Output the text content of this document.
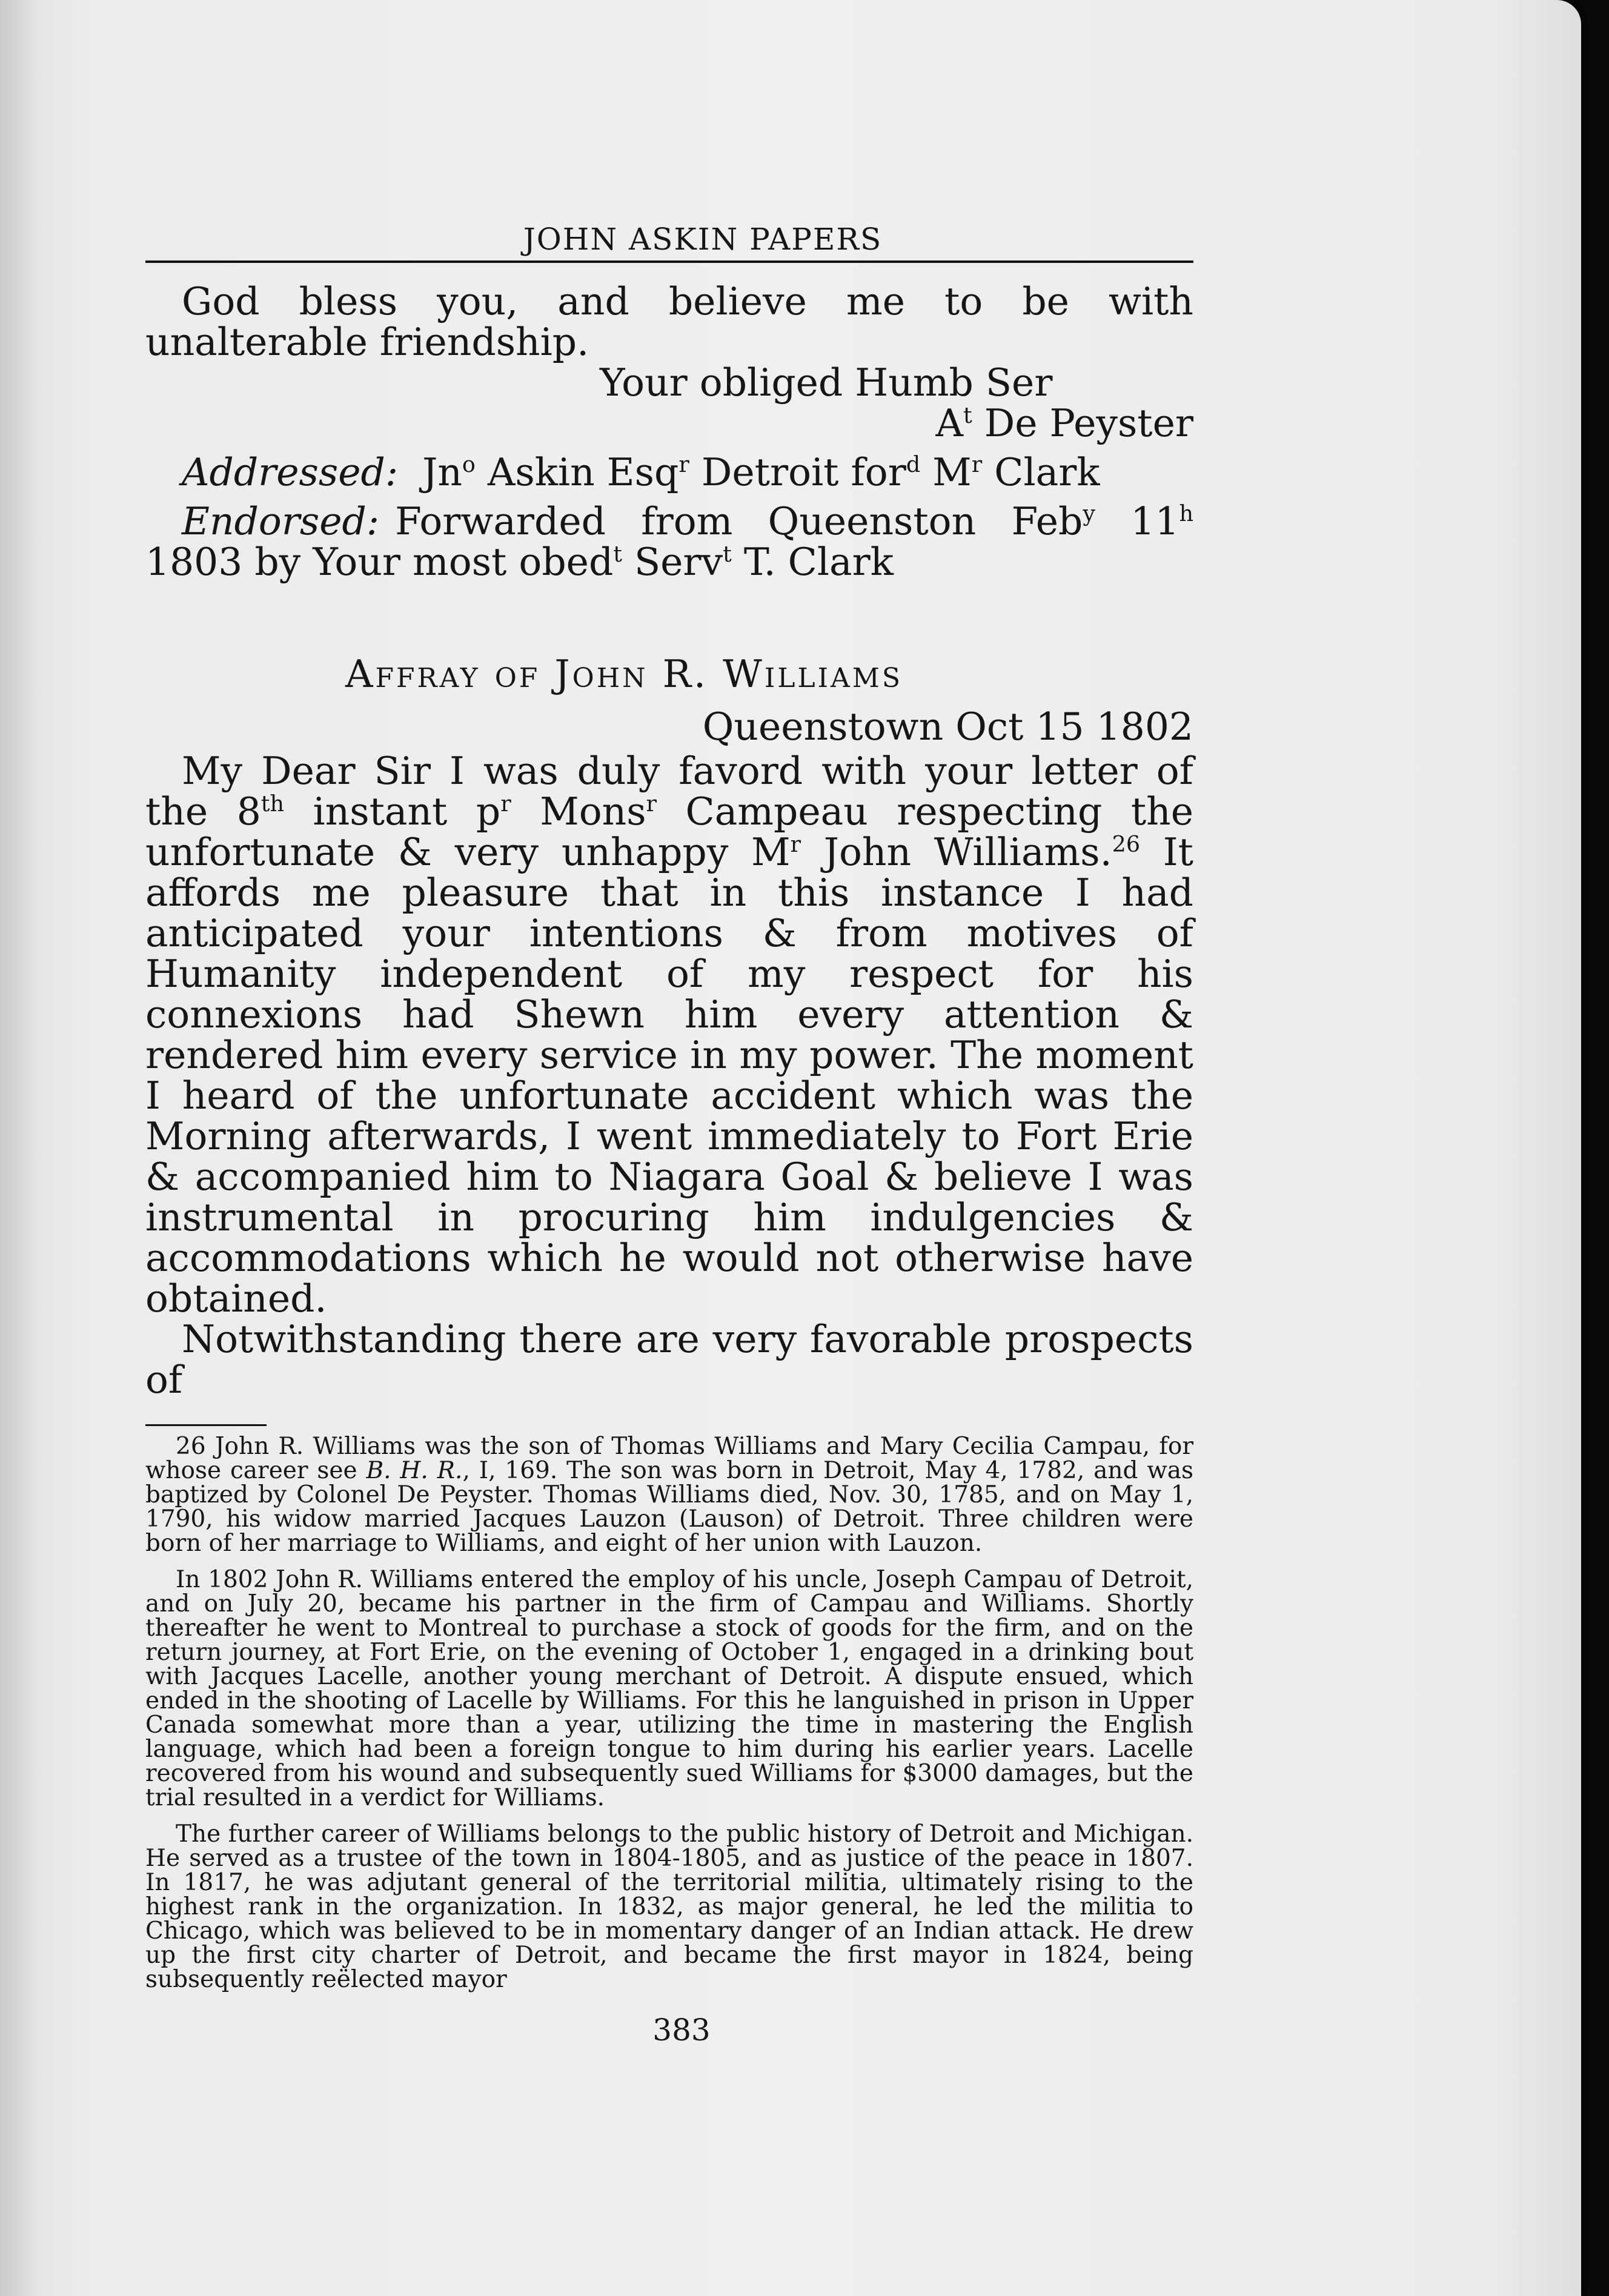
JOHN ASKIN PAPERS

God bless you, and believe me to be with unalterable friendship.

Your obliged Humb Ser

$A^t$ De Peyster

Addressed: Jn$^o$ Askin Esq$^r$ Detroit for$^d$ $M^r$ Clark

Endorsed: Forwarded from Queenston Feb$^y$ 11$^h$ 1803 by Your most obed$^t$ Serv$^t$ T. Clark

Affray of John R. Williams
Queenstown Oct 15 1802

My Dear Sir I was duly favord with your letter of the 8th instant $p^r$ Mons$^r$ Campeau respecting the unfortunate & very unhappy $M^r$ John Williams.$^{26}$ It affords me pleasure that in this instance I had anticipated your intentions & from motives of Humanity independent of my respect for his connexions had Shewn him every attention & rendered him every service in my power. The moment I heard of the unfortunate accident which was the Morning afterwards, I went immediately to Fort Erie & accompanied him to Niagara Goal & believe I was instrumental in procuring him indulgencies & accommodations which he would not otherwise have obtained.

Notwithstanding there are very favorable prospects of

26 John R. Williams was the son of Thomas Williams and Mary Cecilia Campau, for whose career see B. H. R., I, 169. The son was born in Detroit, May 4, 1782, and was baptized by Colonel De Peyster. Thomas Williams died, Nov. 30, 1785, and on May 1, 1790, his widow married Jacques Lauzon (Lauson) of Detroit. Three children were born of her marriage to Williams, and eight of her union with Lauzon.

In 1802 John R. Williams entered the employ of his uncle, Joseph Campau of Detroit, and on July 20, became his partner in the firm of Campau and Williams. Shortly thereafter he went to Montreal to purchase a stock of goods for the firm, and on the return journey, at Fort Erie, on the evening of October 1, engaged in a drinking bout with Jacques Lacelle, another young merchant of Detroit. A dispute ensued, which ended in the shooting of Lacelle by Williams. For this he languished in prison in Upper Canada somewhat more than a year, utilizing the time in mastering the English language, which had been a foreign tongue to him during his earlier years. Lacelle recovered from his wound and subsequently sued Williams for $3000 damages, but the trial resulted in a verdict for Williams.

The further career of Williams belongs to the public history of Detroit and Michigan. He served as a trustee of the town in 1804-1805, and as justice of the peace in 1807. In 1817, he was adjutant general of the territorial militia, ultimately rising to the highest rank in the organization. In 1832, as major general, he led the militia to Chicago, which was believed to be in momentary danger of an Indian attack. He drew up the first city charter of Detroit, and became the first mayor in 1824, being subsequently reëlected mayor

383
